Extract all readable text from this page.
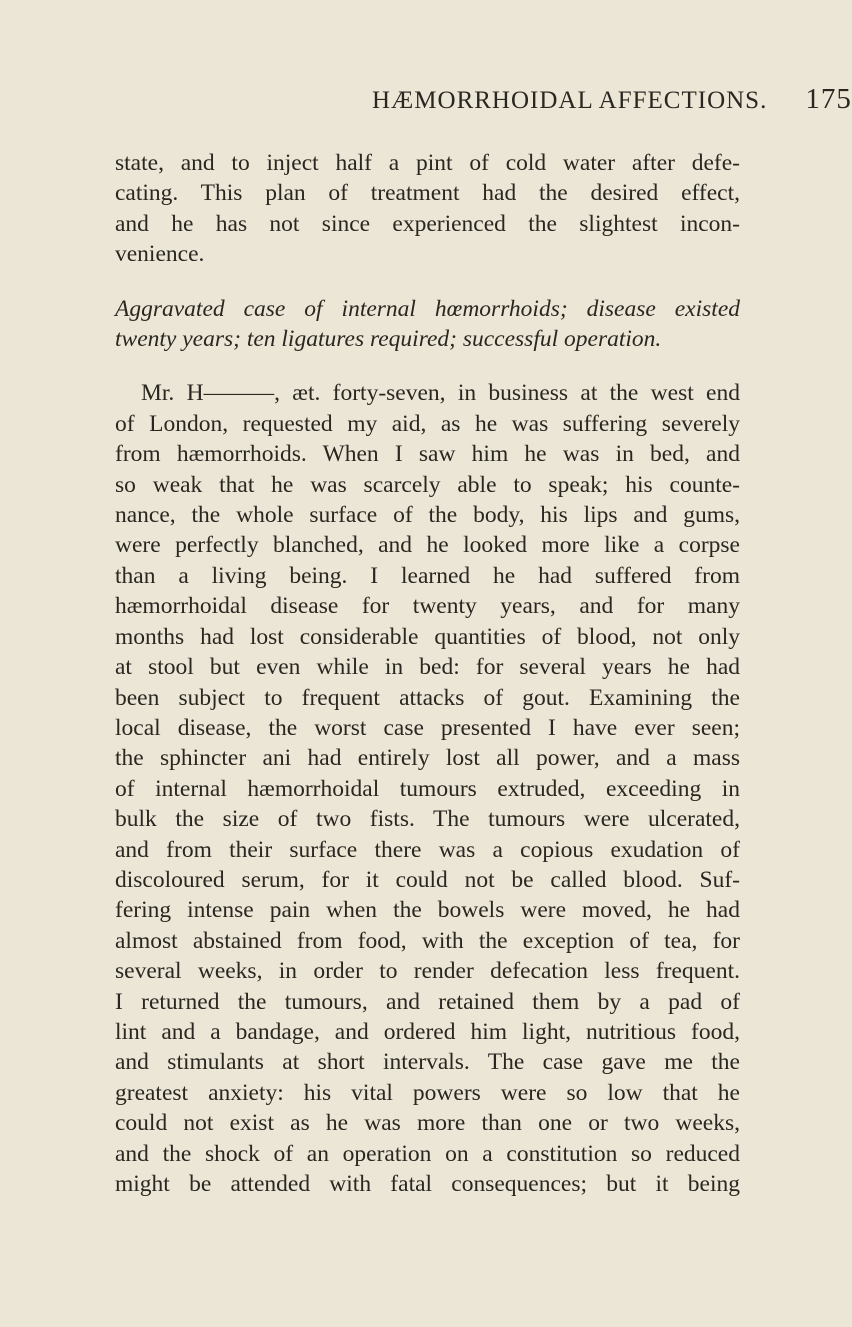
HÆMORRHOIDAL AFFECTIONS. 175
state, and to inject half a pint of cold water after defe-
cating. This plan of treatment had the desired effect,
and he has not since experienced the slightest incon-
venience.
Aggravated case of internal hœmorrhoids; disease existed
twenty years; ten ligatures required; successful operation.
Mr. H———, æt. forty-seven, in business at the west end
of London, requested my aid, as he was suffering severely
from hæmorrhoids. When I saw him he was in bed, and
so weak that he was scarcely able to speak; his counte-
nance, the whole surface of the body, his lips and gums,
were perfectly blanched, and he looked more like a corpse
than a living being. I learned he had suffered from
hæmorrhoidal disease for twenty years, and for many
months had lost considerable quantities of blood, not only
at stool but even while in bed: for several years he had
been subject to frequent attacks of gout. Examining the
local disease, the worst case presented I have ever seen;
the sphincter ani had entirely lost all power, and a mass
of internal hæmorrhoidal tumours extruded, exceeding in
bulk the size of two fists. The tumours were ulcerated,
and from their surface there was a copious exudation of
discoloured serum, for it could not be called blood. Suf-
fering intense pain when the bowels were moved, he had
almost abstained from food, with the exception of tea, for
several weeks, in order to render defecation less frequent.
I returned the tumours, and retained them by a pad of
lint and a bandage, and ordered him light, nutritious food,
and stimulants at short intervals. The case gave me the
greatest anxiety: his vital powers were so low that he
could not exist as he was more than one or two weeks,
and the shock of an operation on a constitution so reduced
might be attended with fatal consequences; but it being
